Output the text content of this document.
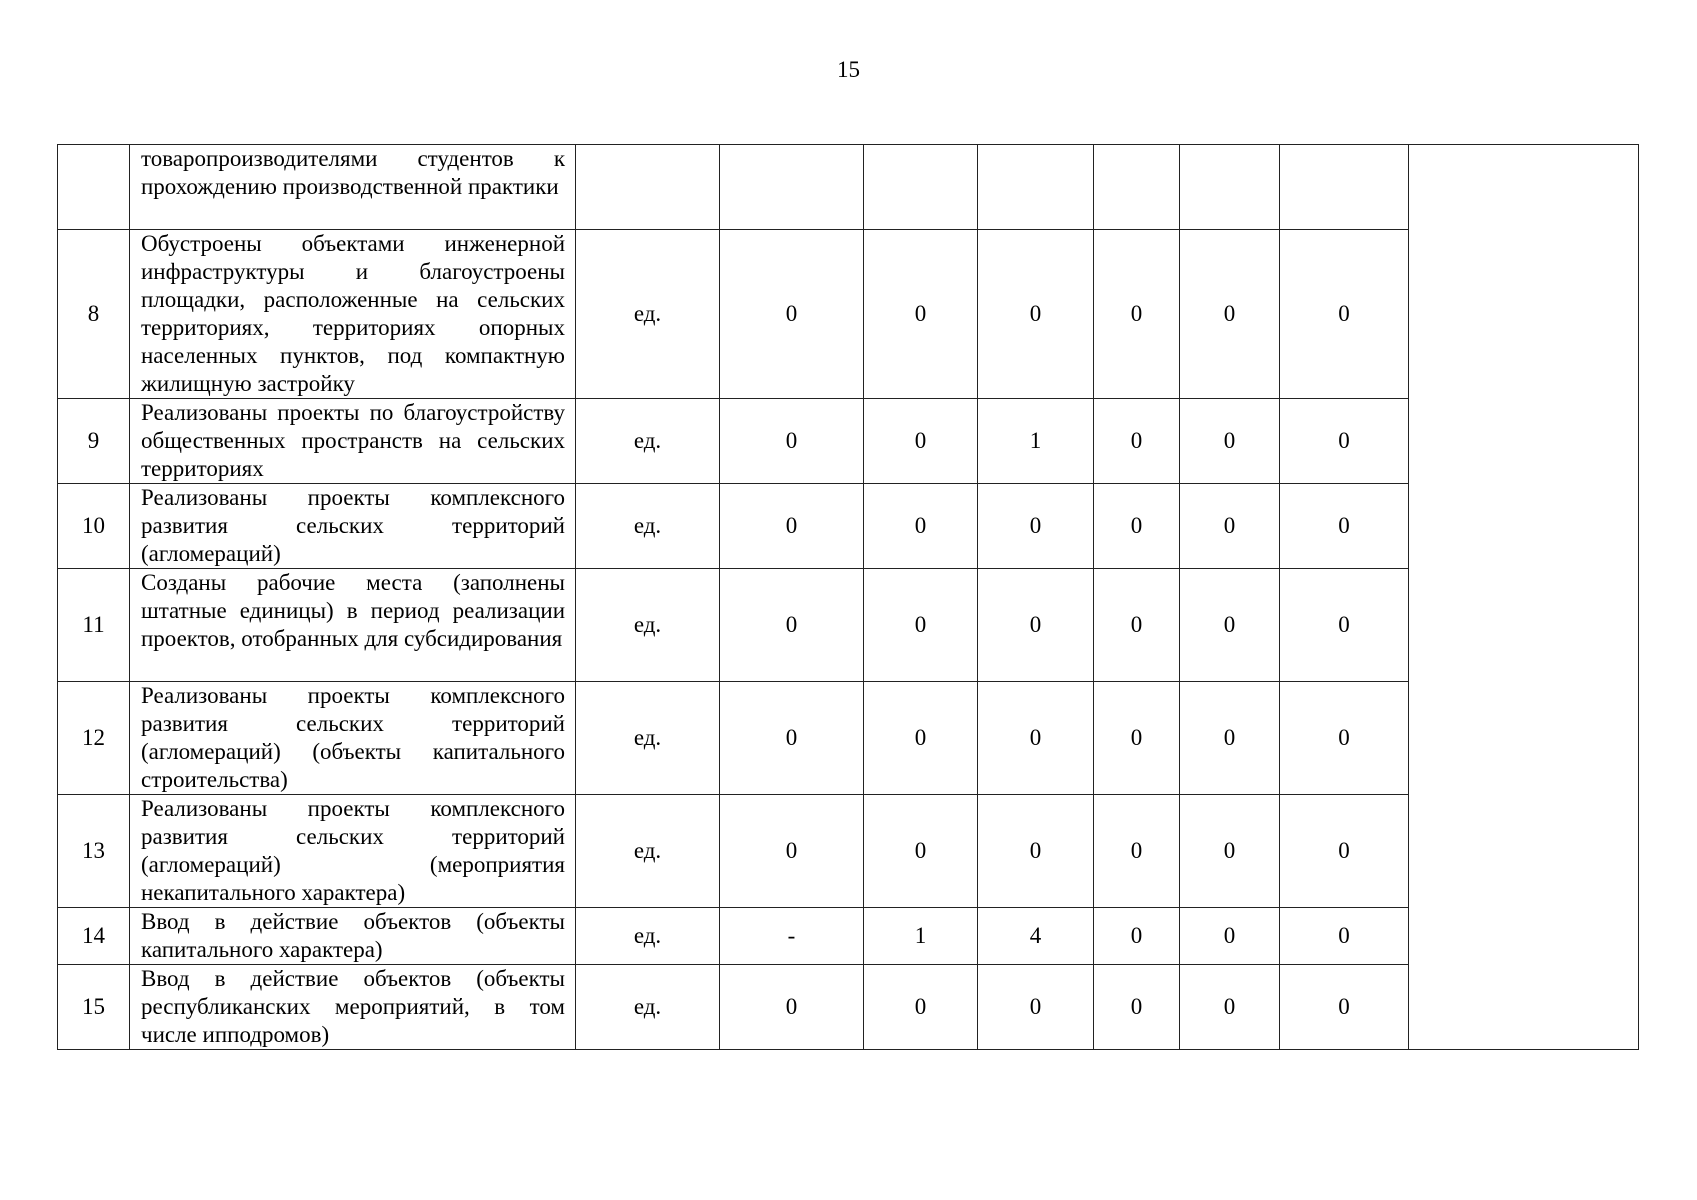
15
	товаропроизводителями студентов к прохождению производственной практики								
8	Обустроены объектами инженерной инфраструктуры и благоустроены площадки, расположенные на сельских территориях, территориях опорных населенных пунктов, под компактную жилищную застройку	ед.	0	0	0	0	0	0	
9	Реализованы проекты по благоустройству общественных пространств на сельских территориях	ед.	0	0	1	0	0	0	
10	Реализованы проекты комплексного развития сельских территорий (агломераций)	ед.	0	0	0	0	0	0	
11	Созданы рабочие места (заполнены штатные единицы) в период реализации проектов, отобранных для субсидирования	ед.	0	0	0	0	0	0	
12	Реализованы проекты комплексного развития сельских территорий (агломераций) (объекты капитального строительства)	ед.	0	0	0	0	0	0	
13	Реализованы проекты комплексного развития сельских территорий (агломераций) (мероприятия некапитального характера)	ед.	0	0	0	0	0	0	
14	Ввод в действие объектов (объекты капитального характера)	ед.	-	1	4	0	0	0	
15	Ввод в действие объектов (объекты республиканских мероприятий, в том числе ипподромов)	ед.	0	0	0	0	0	0	
